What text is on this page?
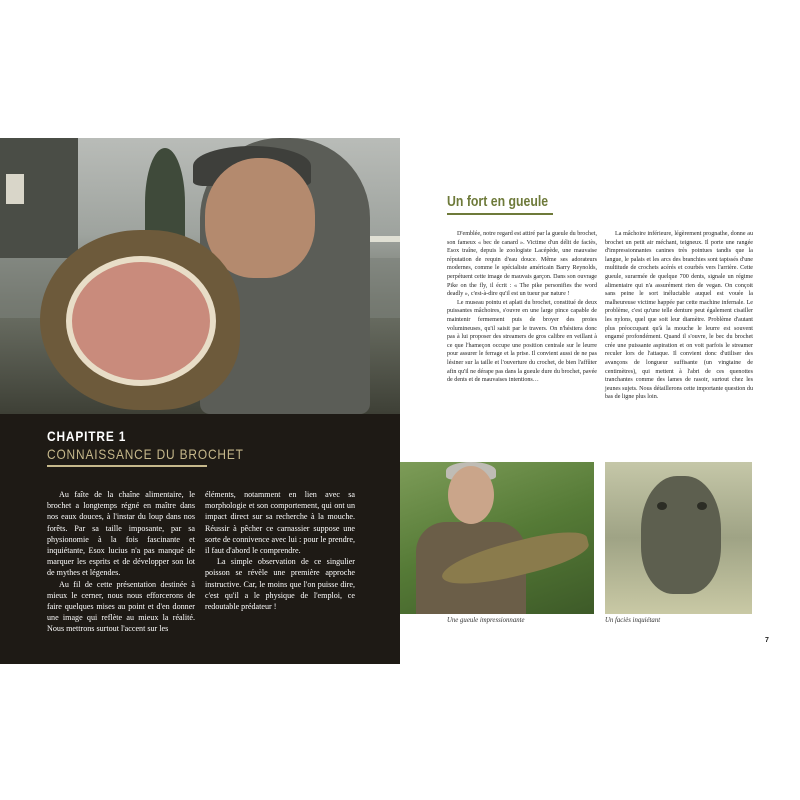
CHAPITRE 1
CONNAISSANCE DU BROCHET

Au faîte de la chaîne alimentaire, le brochet a longtemps régné en maître dans nos eaux douces, à l'instar du loup dans nos forêts. Par sa taille imposante, par sa physionomie à la fois fascinante et inquiétante, Esox lucius n'a pas manqué de marquer les esprits et de développer son lot de mythes et légendes.

Au fil de cette présentation destinée à mieux le cerner, nous nous efforcerons de faire quelques mises au point et d'en donner une image qui reflète au mieux la réalité. Nous mettrons surtout l'accent sur les

éléments, notamment en lien avec sa morphologie et son comportement, qui ont un impact direct sur sa recherche à la mouche. Réussir à pêcher ce carnassier suppose une sorte de connivence avec lui : pour le prendre, il faut d'abord le comprendre.

La simple observation de ce singulier poisson se révèle une première approche instructive. Car, le moins que l'on puisse dire, c'est qu'il a le physique de l'emploi, ce redoutable prédateur !

Un fort en gueule

D'emblée, notre regard est attiré par la gueule du brochet, son fameux « bec de canard ». Victime d'un délit de faciès, Esox traîne, depuis le zoologiste Lacépède, une mauvaise réputation de requin d'eau douce. Même ses adorateurs modernes, comme le spécialiste américain Barry Reynolds, perpétuent cette image de mauvais garçon. Dans son ouvrage Pike on the fly, il écrit : « The pike personifies the word deadly », c'est-à-dire qu'il est un tueur par nature !

Le museau pointu et aplati du brochet, constitué de deux puissantes mâchoires, s'ouvre en une large pince capable de maintenir fermement puis de broyer des proies volumineuses, qu'il saisit par le travers. On n'hésitera donc pas à lui proposer des streamers de gros calibre en veillant à ce que l'hameçon occupe une position centrale sur le leurre pour assurer le ferrage et la prise. Il convient aussi de ne pas lésiner sur la taille et l'ouverture du crochet, de bien l'affûter afin qu'il ne dérape pas dans la gueule dure du brochet, pavée de dents et de mauvaises intentions…

La mâchoire inférieure, légèrement prognathe, donne au brochet un petit air méchant, teigneux. Il porte une rangée d'impressionnantes canines très pointues tandis que la langue, le palais et les arcs des branchies sont tapissés d'une multitude de crochets acérés et courbés vers l'arrière. Cette gueule, surarmée de quelque 700 dents, signale un régime alimentaire qui n'a assurément rien de vegan. On conçoit sans peine le sort inéluctable auquel est vouée la malheureuse victime happée par cette machine infernale. Le problème, c'est qu'une telle denture peut également cisailler les nylons, quel que soit leur diamètre. Problème d'autant plus préoccupant qu'à la mouche le leurre est souvent engamé profondément. Quand il s'ouvre, le bec du brochet crée une puissante aspiration et on voit parfois le streamer reculer lors de l'attaque. Il convient donc d'utiliser des avançons de longueur suffisante (un vingtaine de centimètres), qui mettent à l'abri de ces quenottes tranchantes comme des lames de rasoir, surtout chez les jeunes sujets. Nous détaillerons cette importante question du bas de ligne plus loin.

Une gueule impressionnante	Un faciès inquiétant
7
